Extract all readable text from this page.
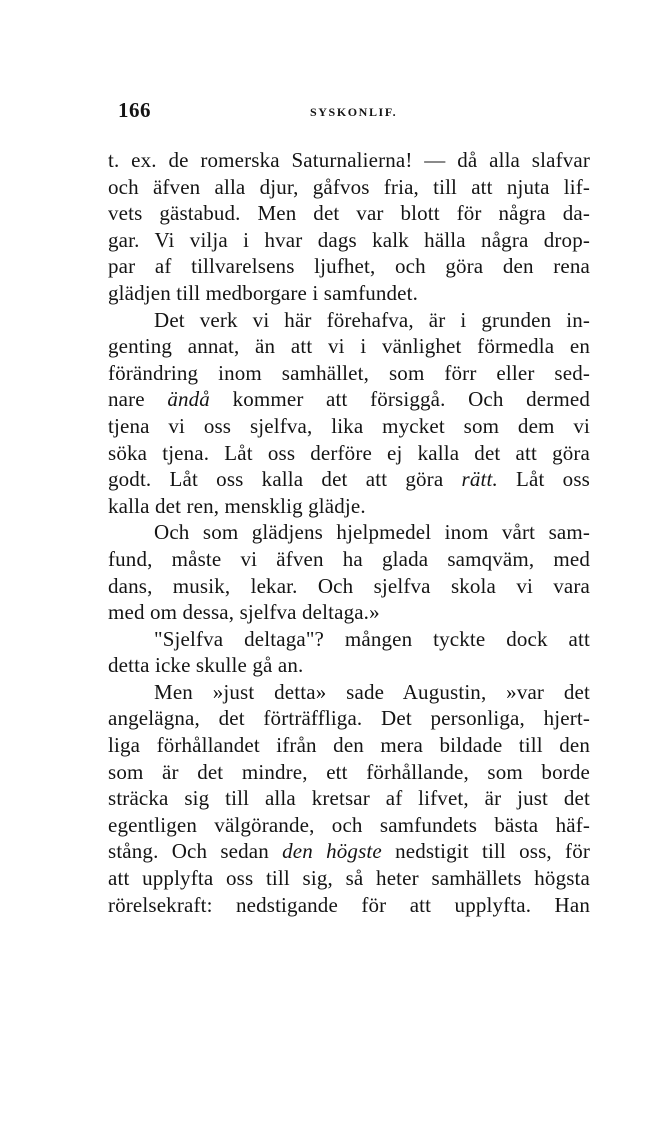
166	SYSKONLIF.
t. ex. de romerska Saturnalierna! — då alla slafvar
och äfven alla djur, gåfvos fria, till att njuta lif-
vets gästabud. Men det var blott för några da-
gar. Vi vilja i hvar dags kalk hälla några drop-
par af tillvarelsens ljufhet, och göra den rena
glädjen till medborgare i samfundet.
Det verk vi här förehafva, är i grunden in-
genting annat, än att vi i vänlighet förmedla en
förändring inom samhället, som förr eller sed-
nare ändå kommer att försiggå. Och dermed
tjena vi oss sjelfva, lika mycket som dem vi
söka tjena. Låt oss derföre ej kalla det att göra
godt. Låt oss kalla det att göra rätt. Låt oss
kalla det ren, mensklig glädje.
Och som glädjens hjelpmedel inom vårt sam-
fund, måste vi äfven ha glada samqväm, med
dans, musik, lekar. Och sjelfva skola vi vara
med om dessa, sjelfva deltaga.»
"Sjelfva deltaga"? mången tyckte dock att
detta icke skulle gå an.
Men »just detta» sade Augustin, »var det
angelägna, det förträffliga. Det personliga, hjert-
liga förhållandet ifrån den mera bildade till den
som är det mindre, ett förhållande, som borde
sträcka sig till alla kretsar af lifvet, är just det
egentligen välgörande, och samfundets bästa häf-
stång. Och sedan den högste nedstigit till oss, för
att upplyfta oss till sig, så heter samhällets högsta
rörelsekraft: nedstigande för att upplyfta. Han
